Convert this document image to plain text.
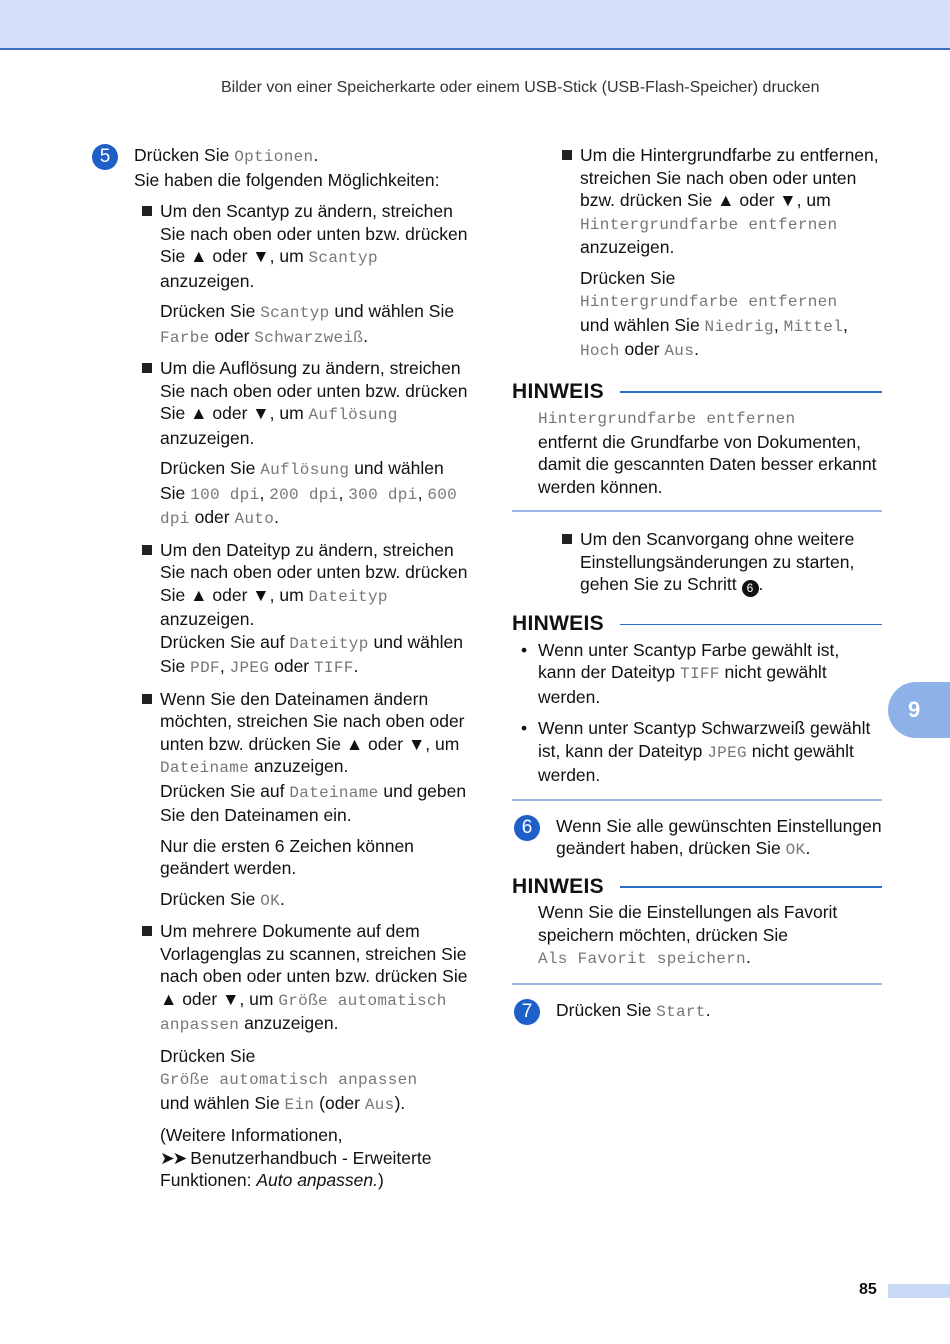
Bilder von einer Speicherkarte oder einem USB-Stick (USB-Flash-Speicher) drucken
5	Drücken Sie Optionen.

Sie haben die folgenden Möglichkeiten:

Um den Scantyp zu ändern, streichen Sie nach oben oder unten bzw. drücken Sie ▲ oder ▼, um Scantyp anzuzeigen.

Drücken Sie Scantyp und wählen Sie Farbe oder Schwarzweiß.

Um die Auflösung zu ändern, streichen Sie nach oben oder unten bzw. drücken Sie ▲ oder ▼, um Auflösung anzuzeigen.

Drücken Sie Auflösung und wählen Sie 100 dpi, 200 dpi, 300 dpi, 600 dpi oder Auto.

Um den Dateityp zu ändern, streichen Sie nach oben oder unten bzw. drücken Sie ▲ oder ▼, um Dateityp anzuzeigen.

Drücken Sie auf Dateityp und wählen Sie PDF, JPEG oder TIFF.

Wenn Sie den Dateinamen ändern möchten, streichen Sie nach oben oder unten bzw. drücken Sie ▲ oder ▼, um Dateiname anzuzeigen.

Drücken Sie auf Dateiname und geben Sie den Dateinamen ein.

Nur die ersten 6 Zeichen können geändert werden.

Drücken Sie OK.

Um mehrere Dokumente auf dem Vorlagenglas zu scannen, streichen Sie nach oben oder unten bzw. drücken Sie ▲ oder ▼, um Größe automatisch anpassen anzuzeigen.

Drücken Sie
Größe automatisch anpassen
und wählen Sie Ein (oder Aus).

(Weitere Informationen,
➤➤ Benutzerhandbuch - Erweiterte Funktionen: Auto anpassen.)

Um die Hintergrundfarbe zu entfernen, streichen Sie nach oben oder unten bzw. drücken Sie ▲ oder ▼, um Hintergrundfarbe entfernen anzuzeigen.

Drücken Sie
Hintergrundfarbe entfernen
und wählen Sie Niedrig, Mittel, Hoch oder Aus.

HINWEIS
Hintergrundfarbe entfernen
entfernt die Grundfarbe von Dokumenten, damit die gescannten Daten besser erkannt werden können.
Um den Scanvorgang ohne weitere Einstellungsänderungen zu starten, gehen Sie zu Schritt 6 .
HINWEIS
• Wenn unter Scantyp Farbe gewählt ist, kann der Dateityp TIFF nicht gewählt werden.
• Wenn unter Scantyp Schwarzweiß gewählt ist, kann der Dateityp JPEG nicht gewählt werden.
6	Wenn Sie alle gewünschten Einstellungen geändert haben, drücken Sie OK.

HINWEIS
Wenn Sie die Einstellungen als Favorit speichern möchten, drücken Sie
Als Favorit speichern.
7	Drücken Sie Start.

9
85
